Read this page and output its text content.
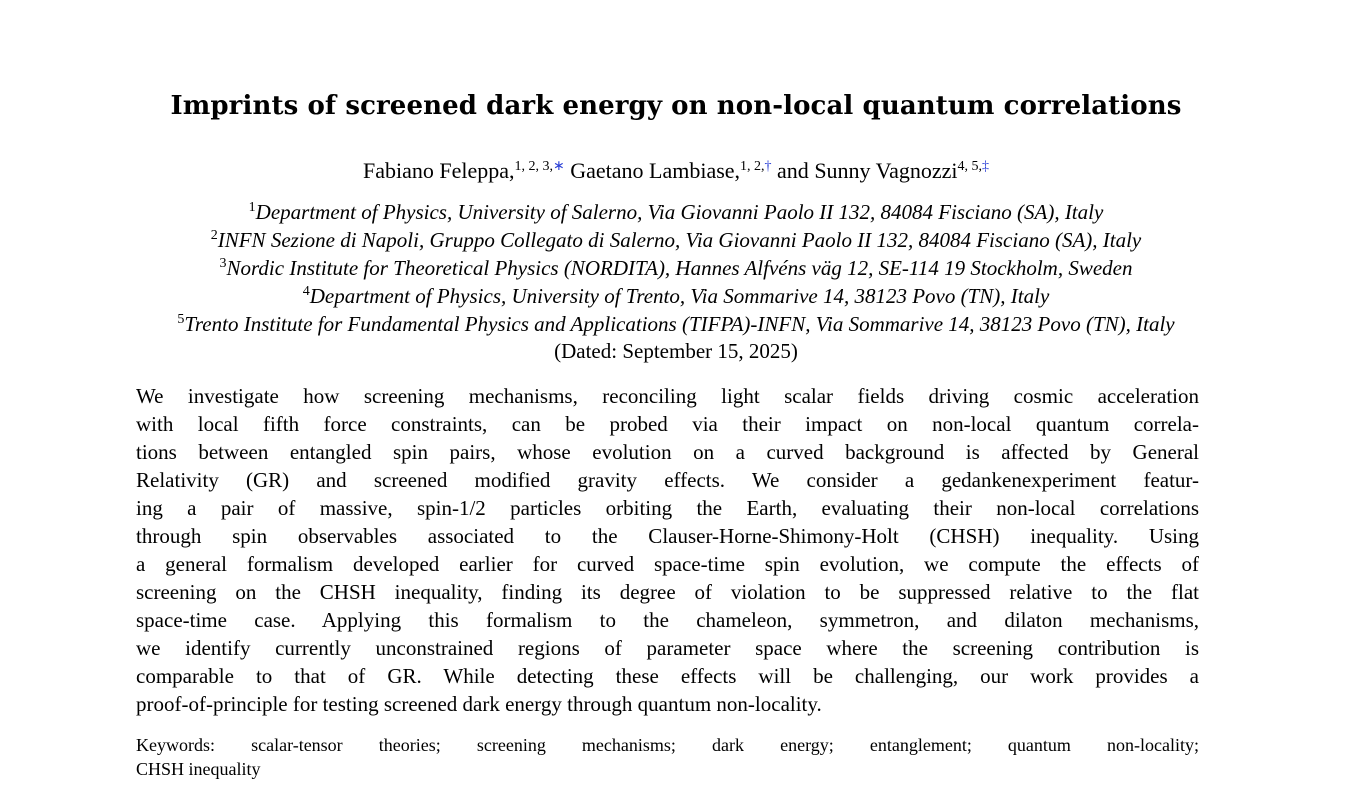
Imprints of screened dark energy on non-local quantum correlations
Fabiano Feleppa,$^{1, 2, 3,∗}$ Gaetano Lambiase,$^{1, 2,\dagger}$ and Sunny Vagnozzi$^{4, 5,\ddagger}$
$^1$Department of Physics, University of Salerno, Via Giovanni Paolo II 132, 84084 Fisciano (SA), Italy
$^2$INFN Sezione di Napoli, Gruppo Collegato di Salerno, Via Giovanni Paolo II 132, 84084 Fisciano (SA), Italy
$^3$Nordic Institute for Theoretical Physics (NORDITA), Hannes Alfvéns väg 12, SE-114 19 Stockholm, Sweden
$^4$Department of Physics, University of Trento, Via Sommarive 14, 38123 Povo (TN), Italy
$^5$Trento Institute for Fundamental Physics and Applications (TIFPA)-INFN, Via Sommarive 14, 38123 Povo (TN), Italy
(Dated: September 15, 2025)
We investigate how screening mechanisms, reconciling light scalar fields driving cosmic acceleration
with local fifth force constraints, can be probed via their impact on non-local quantum correla-
tions between entangled spin pairs, whose evolution on a curved background is affected by General
Relativity (GR) and screened modified gravity effects. We consider a gedankenexperiment featur-
ing a pair of massive, spin-1/2 particles orbiting the Earth, evaluating their non-local correlations
through spin observables associated to the Clauser-Horne-Shimony-Holt (CHSH) inequality. Using
a general formalism developed earlier for curved space-time spin evolution, we compute the effects of
screening on the CHSH inequality, finding its degree of violation to be suppressed relative to the flat
space-time case. Applying this formalism to the chameleon, symmetron, and dilaton mechanisms,
we identify currently unconstrained regions of parameter space where the screening contribution is
comparable to that of GR. While detecting these effects will be challenging, our work provides a
proof-of-principle for testing screened dark energy through quantum non-locality.
Keywords: scalar-tensor theories; screening mechanisms; dark energy; entanglement; quantum non-locality;
CHSH inequality
